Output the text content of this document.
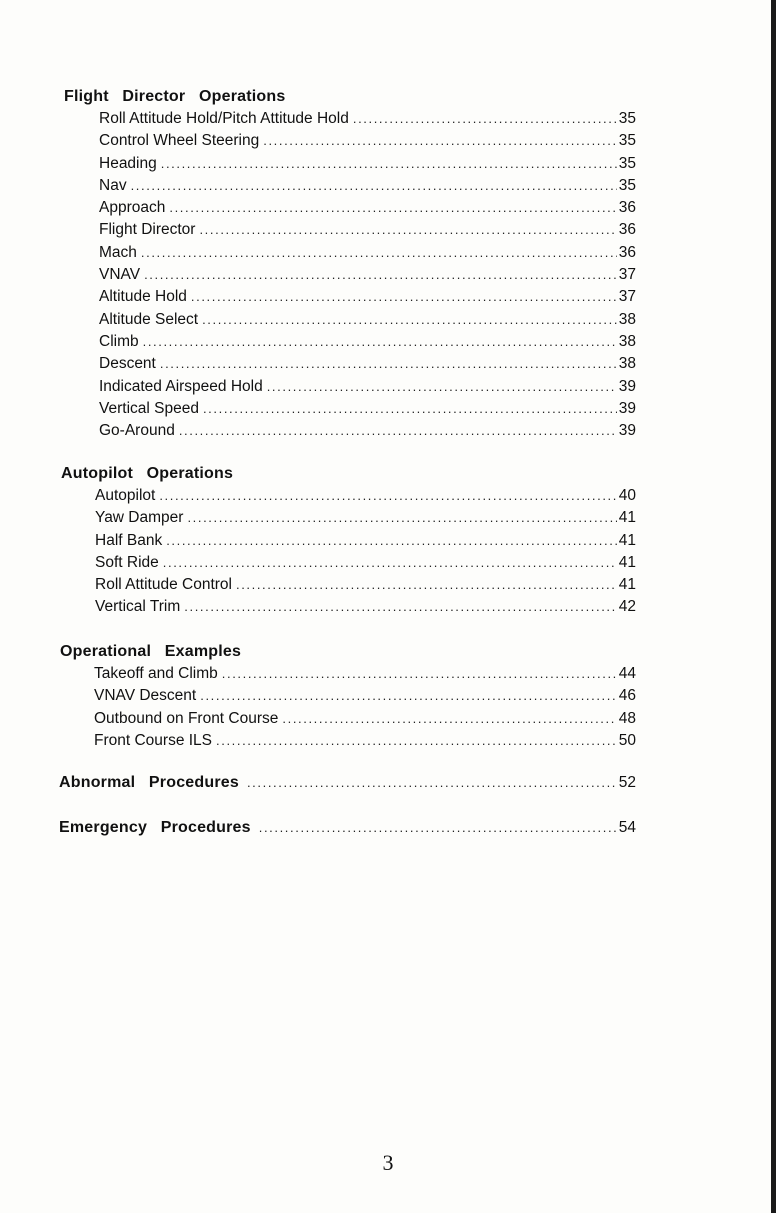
Flight Director Operations
Roll Attitude Hold/Pitch Attitude Hold .....	35
Control Wheel Steering .....	35
Heading .....	35
Nav .....	35
Approach .....	36
Flight Director .....	36
Mach .....	36
VNAV .....	37
Altitude Hold .....	37
Altitude Select .....	38
Climb .....	38
Descent .....	38
Indicated Airspeed Hold .....	39
Vertical Speed .....	39
Go-Around .....	39
Autopilot Operations
Autopilot .....	40
Yaw Damper .....	41
Half Bank .....	41
Soft Ride .....	41
Roll Attitude Control .....	41
Vertical Trim .....	42
Operational Examples
Takeoff and Climb .....	44
VNAV Descent .....	46
Outbound on Front Course .....	48
Front Course ILS .....	50
Abnormal Procedures .....	52
Emergency Procedures .....	54
3
